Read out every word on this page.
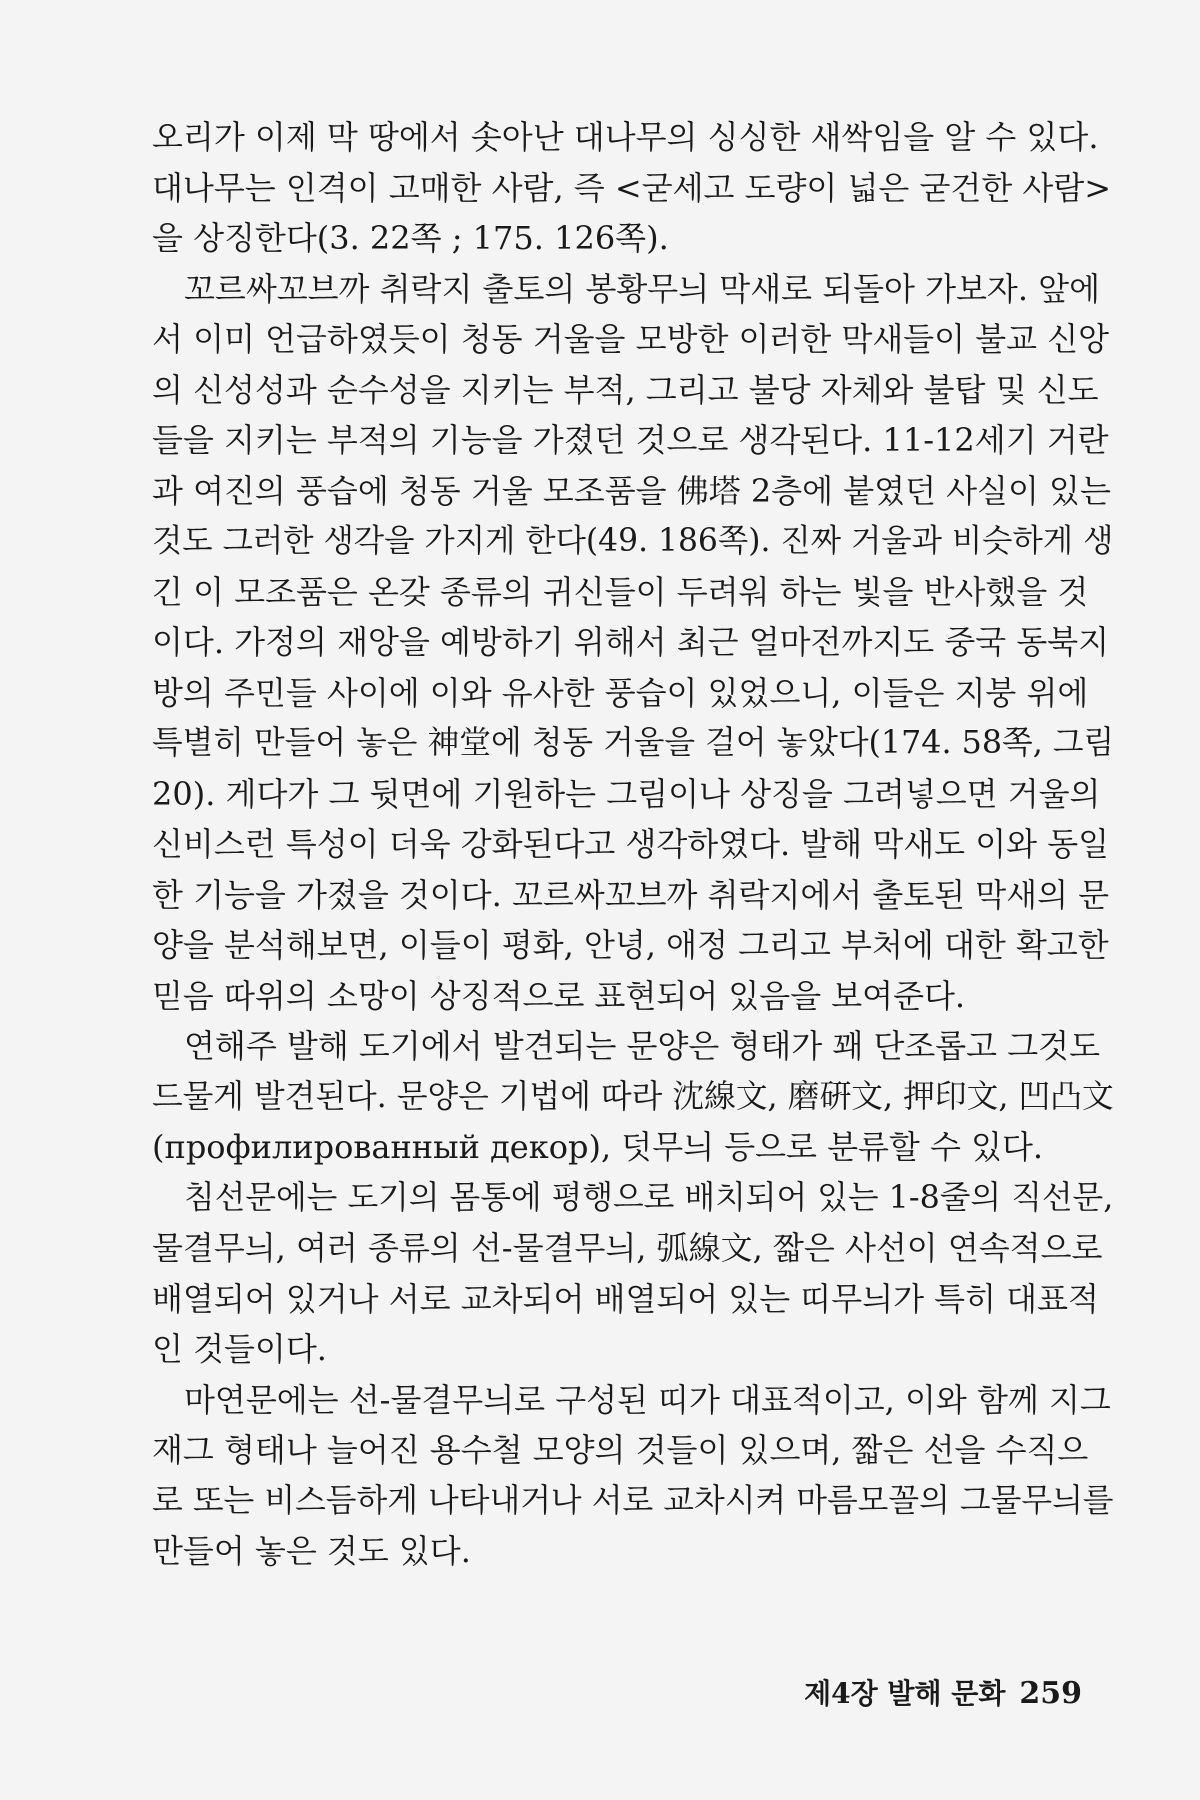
오리가 이제 막 땅에서 솟아난 대나무의 싱싱한 새싹임을 알 수 있다.
대나무는 인격이 고매한 사람, 즉 <굳세고 도량이 넓은 굳건한 사람>
을 상징한다(3. 22쪽 ; 175. 126쪽).
꼬르싸꼬브까 취락지 출토의 봉황무늬 막새로 되돌아 가보자. 앞에
서 이미 언급하였듯이 청동 거울을 모방한 이러한 막새들이 불교 신앙
의 신성성과 순수성을 지키는 부적, 그리고 불당 자체와 불탑 및 신도
들을 지키는 부적의 기능을 가졌던 것으로 생각된다. 11-12세기 거란
과 여진의 풍습에 청동 거울 모조품을 佛塔 2층에 붙였던 사실이 있는
것도 그러한 생각을 가지게 한다(49. 186쪽). 진짜 거울과 비슷하게 생
긴 이 모조품은 온갖 종류의 귀신들이 두려워 하는 빛을 반사했을 것
이다. 가정의 재앙을 예방하기 위해서 최근 얼마전까지도 중국 동북지
방의 주민들 사이에 이와 유사한 풍습이 있었으니, 이들은 지붕 위에
특별히 만들어 놓은 神堂에 청동 거울을 걸어 놓았다(174. 58쪽, 그림
20). 게다가 그 뒷면에 기원하는 그림이나 상징을 그려넣으면 거울의
신비스런 특성이 더욱 강화된다고 생각하였다. 발해 막새도 이와 동일
한 기능을 가졌을 것이다. 꼬르싸꼬브까 취락지에서 출토된 막새의 문
양을 분석해보면, 이들이 평화, 안녕, 애정 그리고 부처에 대한 확고한
믿음 따위의 소망이 상징적으로 표현되어 있음을 보여준다.
연해주 발해 도기에서 발견되는 문양은 형태가 꽤 단조롭고 그것도
드물게 발견된다. 문양은 기법에 따라 沈線文, 磨硏文, 押印文, 凹凸文
(профилированный декор), 덧무늬 등으로 분류할 수 있다.
침선문에는 도기의 몸통에 평행으로 배치되어 있는 1-8줄의 직선문,
물결무늬, 여러 종류의 선-물결무늬, 弧線文, 짧은 사선이 연속적으로
배열되어 있거나 서로 교차되어 배열되어 있는 띠무늬가 특히 대표적
인 것들이다.
마연문에는 선-물결무늬로 구성된 띠가 대표적이고, 이와 함께 지그
재그 형태나 늘어진 용수철 모양의 것들이 있으며, 짧은 선을 수직으
로 또는 비스듬하게 나타내거나 서로 교차시켜 마름모꼴의 그물무늬를
만들어 놓은 것도 있다.
제4장 발해 문화 259
